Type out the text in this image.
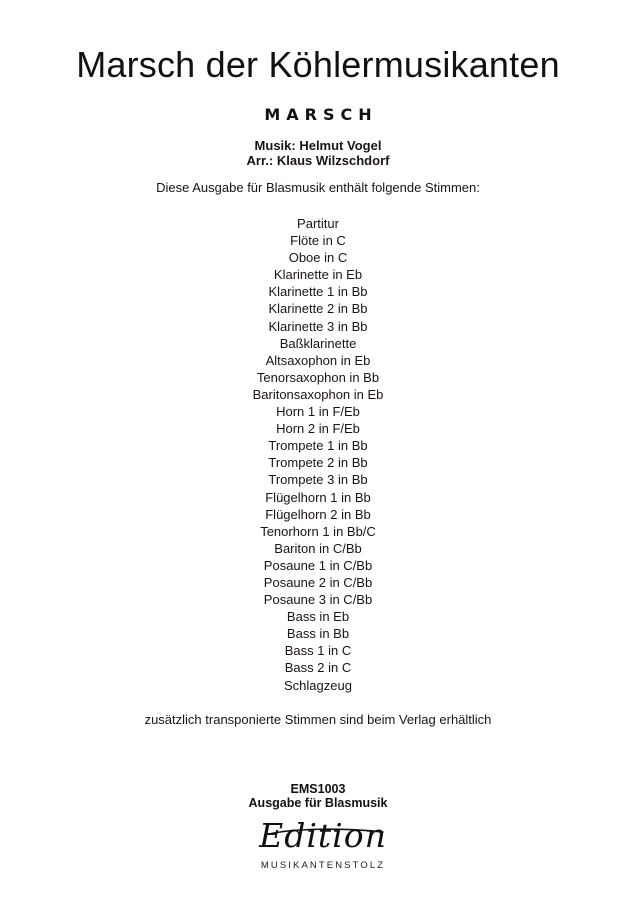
Marsch der Köhlermusikanten
MARSCH
Musik: Helmut Vogel
Arr.: Klaus Wilzschdorf
Diese Ausgabe für Blasmusik enthält folgende Stimmen:
Partitur
Flöte in C
Oboe in C
Klarinette in Eb
Klarinette 1 in Bb
Klarinette 2 in Bb
Klarinette 3 in Bb
Baßklarinette
Altsaxophon in Eb
Tenorsaxophon in Bb
Baritonsaxophon in Eb
Horn 1 in F/Eb
Horn 2 in F/Eb
Trompete 1 in Bb
Trompete 2 in Bb
Trompete 3 in Bb
Flügelhorn 1 in Bb
Flügelhorn 2 in Bb
Tenorhorn 1 in Bb/C
Bariton in C/Bb
Posaune 1 in C/Bb
Posaune 2 in C/Bb
Posaune 3 in C/Bb
Bass in Eb
Bass in Bb
Bass 1 in C
Bass 2 in C
Schlagzeug
zusätzlich transponierte Stimmen sind beim Verlag erhältlich
EMS1003
Ausgabe für Blasmusik
Edition
MUSIKANTENSTOLZ
